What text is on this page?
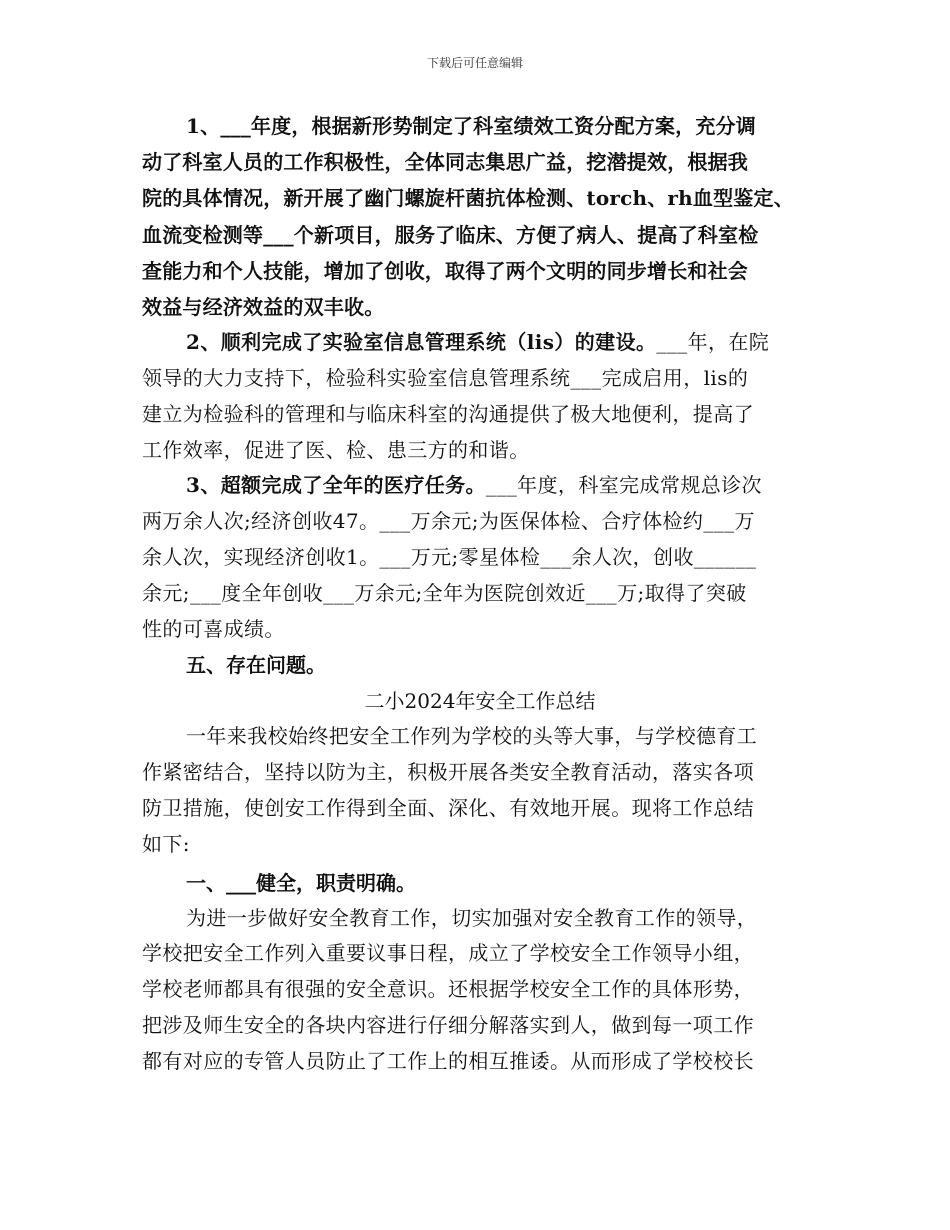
下载后可任意编辑
1、___年度，根据新形势制定了科室绩效工资分配方案，充分调
动了科室人员的工作积极性，全体同志集思广益，挖潜提效，根据我
院的具体情况，新开展了幽门螺旋杆菌抗体检测、torch、rh血型鉴定、
血流变检测等___个新项目，服务了临床、方便了病人、提高了科室检
查能力和个人技能，增加了创收，取得了两个文明的同步增长和社会
效益与经济效益的双丰收。
2、顺利完成了实验室信息管理系统（lis）的建设。___年，在院
领导的大力支持下，检验科实验室信息管理系统___完成启用，lis的
建立为检验科的管理和与临床科室的沟通提供了极大地便利，提高了
工作效率，促进了医、检、患三方的和谐。
3、超额完成了全年的医疗任务。___年度，科室完成常规总诊次
两万余人次;经济创收47。___万余元;为医保体检、合疗体检约___万
余人次，实现经济创收1。___万元;零星体检___余人次，创收______
余元;___度全年创收___万余元;全年为医院创效近___万;取得了突破
性的可喜成绩。
五、存在问题。
二小2024年安全工作总结
一年来我校始终把安全工作列为学校的头等大事，与学校德育工
作紧密结合，坚持以防为主，积极开展各类安全教育活动，落实各项
防卫措施，使创安工作得到全面、深化、有效地开展。现将工作总结
如下:
一、___健全，职责明确。
为进一步做好安全教育工作，切实加强对安全教育工作的领导，
学校把安全工作列入重要议事日程，成立了学校安全工作领导小组，
学校老师都具有很强的安全意识。还根据学校安全工作的具体形势，
把涉及师生安全的各块内容进行仔细分解落实到人，做到每一项工作
都有对应的专管人员防止了工作上的相互推诿。从而形成了学校校长
